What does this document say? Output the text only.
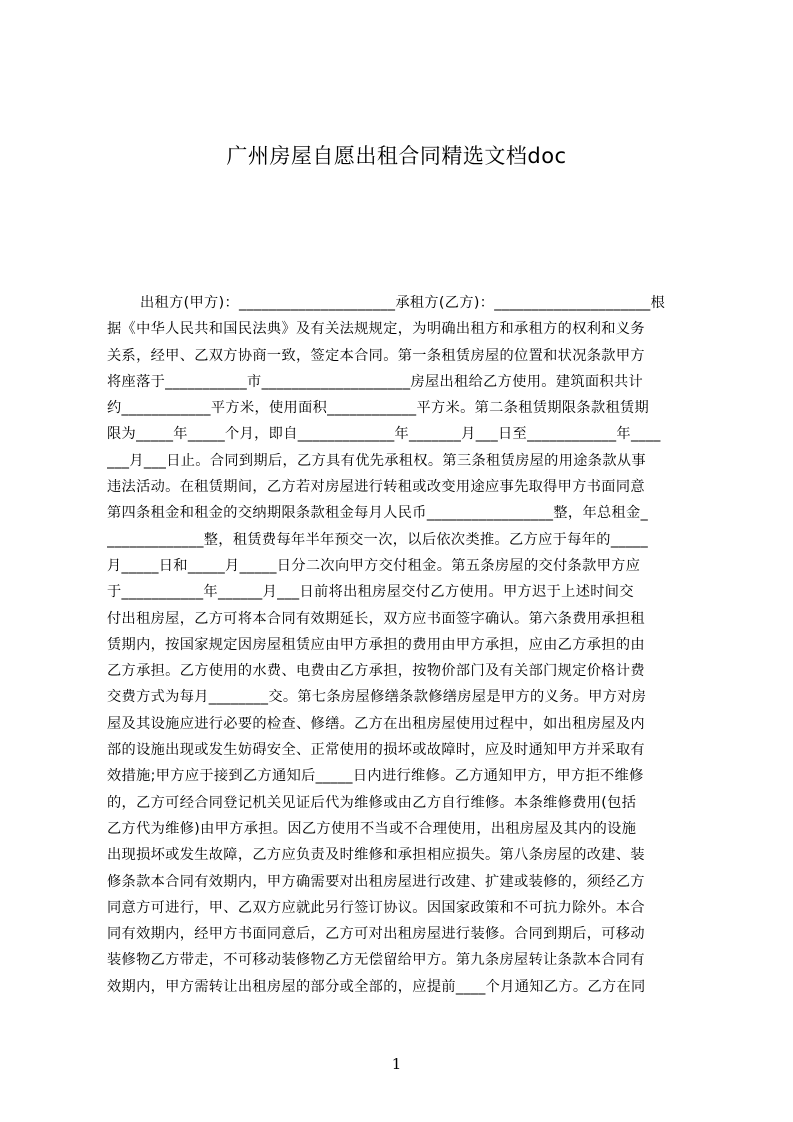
广州房屋自愿出租合同精选文档doc
出租方(甲方)：_____________________承租方(乙方)：_____________________根
据《中华人民共和国民法典》及有关法规规定，为明确出租方和承租方的权利和义务
关系，经甲、乙双方协商一致，签定本合同。第一条租赁房屋的位置和状况条款甲方
将座落于___________市____________________房屋出租给乙方使用。建筑面积共计
约____________平方米，使用面积____________平方米。第二条租赁期限条款租赁期
限为_____年_____个月，即自_____________年_______月___日至____________年____
___月___日止。合同到期后，乙方具有优先承租权。第三条租赁房屋的用途条款从事
违法活动。在租赁期间，乙方若对房屋进行转租或改变用途应事先取得甲方书面同意
第四条租金和租金的交纳期限条款租金每月人民币_________________整，年总租金_
_____________整，租赁费每年半年预交一次，以后依次类推。乙方应于每年的_____
月_____日和_____月_____日分二次向甲方交付租金。第五条房屋的交付条款甲方应
于___________年______月___日前将出租房屋交付乙方使用。甲方迟于上述时间交
付出租房屋，乙方可将本合同有效期延长，双方应书面签字确认。第六条费用承担租
赁期内，按国家规定因房屋租赁应由甲方承担的费用由甲方承担，应由乙方承担的由
乙方承担。乙方使用的水费、电费由乙方承担，按物价部门及有关部门规定价格计费
交费方式为每月________交。第七条房屋修缮条款修缮房屋是甲方的义务。甲方对房
屋及其设施应进行必要的检查、修缮。乙方在出租房屋使用过程中，如出租房屋及内
部的设施出现或发生妨碍安全、正常使用的损坏或故障时，应及时通知甲方并采取有
效措施;甲方应于接到乙方通知后_____日内进行维修。乙方通知甲方，甲方拒不维修
的，乙方可经合同登记机关见证后代为维修或由乙方自行维修。本条维修费用(包括
乙方代为维修)由甲方承担。因乙方使用不当或不合理使用，出租房屋及其内的设施
出现损坏或发生故障，乙方应负责及时维修和承担相应损失。第八条房屋的改建、装
修条款本合同有效期内，甲方确需要对出租房屋进行改建、扩建或装修的，须经乙方
同意方可进行，甲、乙双方应就此另行签订协议。因国家政策和不可抗力除外。本合
同有效期内，经甲方书面同意后，乙方可对出租房屋进行装修。合同到期后，可移动
装修物乙方带走，不可移动装修物乙方无偿留给甲方。第九条房屋转让条款本合同有
效期内，甲方需转让出租房屋的部分或全部的，应提前____个月通知乙方。乙方在同
1
